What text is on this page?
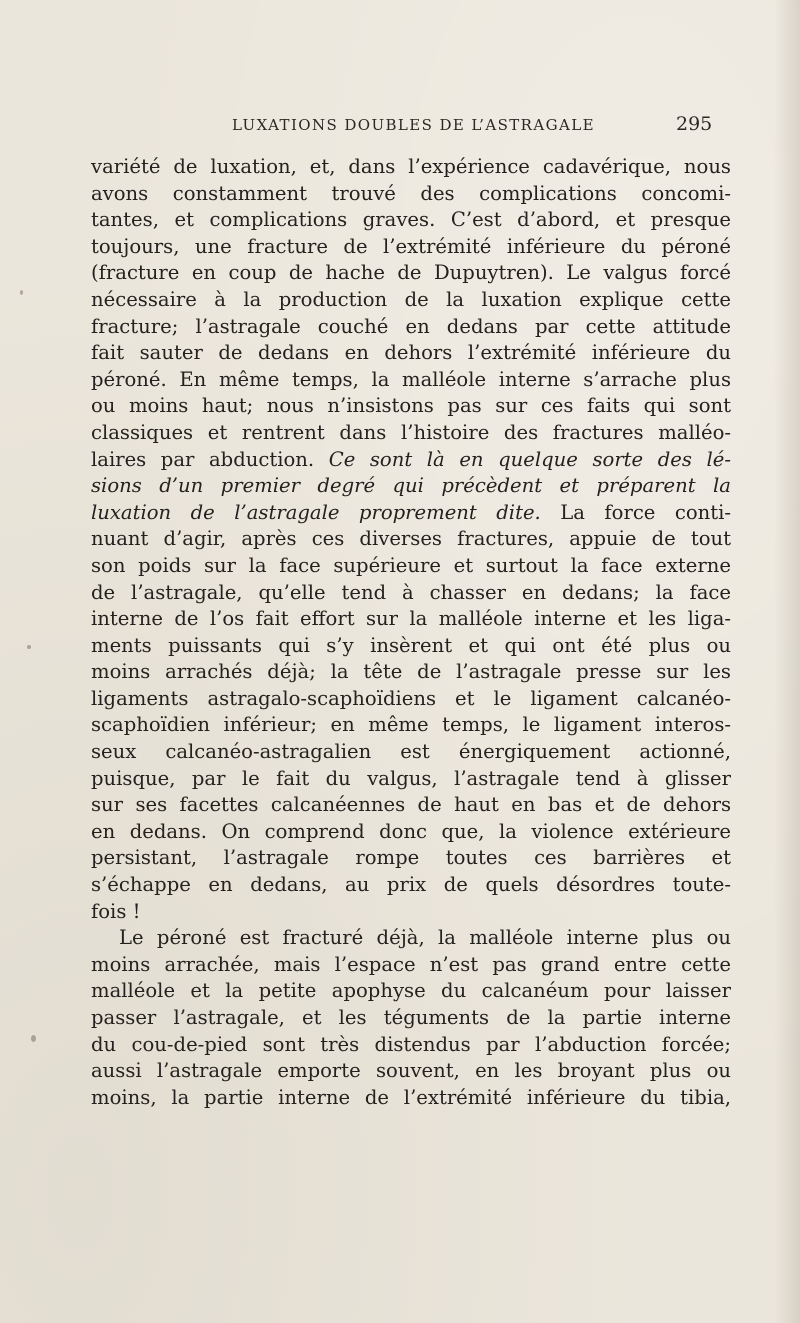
LUXATIONS DOUBLES DE L’ASTRAGALE	295
variété de luxation, et, dans l’expérience cadavérique, nous
avons constamment trouvé des complications concomi-
tantes, et complications graves. C’est d’abord, et presque
toujours, une fracture de l’extrémité inférieure du péroné
(fracture en coup de hache de Dupuytren). Le valgus forcé
nécessaire à la production de la luxation explique cette
fracture; l’astragale couché en dedans par cette attitude
fait sauter de dedans en dehors l’extrémité inférieure du
péroné. En même temps, la malléole interne s’arrache plus
ou moins haut; nous n’insistons pas sur ces faits qui sont
classiques et rentrent dans l’histoire des fractures malléo-
laires par abduction. Ce sont là en quelque sorte des lé-
sions d’un premier degré qui précèdent et préparent la
luxation de l’astragale proprement dite. La force conti-
nuant d’agir, après ces diverses fractures, appuie de tout
son poids sur la face supérieure et surtout la face externe
de l’astragale, qu’elle tend à chasser en dedans; la face
interne de l’os fait effort sur la malléole interne et les liga-
ments puissants qui s’y insèrent et qui ont été plus ou
moins arrachés déjà; la tête de l’astragale presse sur les
ligaments astragalo-scaphoïdiens et le ligament calcanéo-
scaphoïdien inférieur; en même temps, le ligament interos-
seux calcanéo-astragalien est énergiquement actionné,
puisque, par le fait du valgus, l’astragale tend à glisser
sur ses facettes calcanéennes de haut en bas et de dehors
en dedans. On comprend donc que, la violence extérieure
persistant, l’astragale rompe toutes ces barrières et
s’échappe en dedans, au prix de quels désordres toute-
fois !
Le péroné est fracturé déjà, la malléole interne plus ou
moins arrachée, mais l’espace n’est pas grand entre cette
malléole et la petite apophyse du calcanéum pour laisser
passer l’astragale, et les téguments de la partie interne
du cou-de-pied sont très distendus par l’abduction forcée;
aussi l’astragale emporte souvent, en les broyant plus ou
moins, la partie interne de l’extrémité inférieure du tibia,
